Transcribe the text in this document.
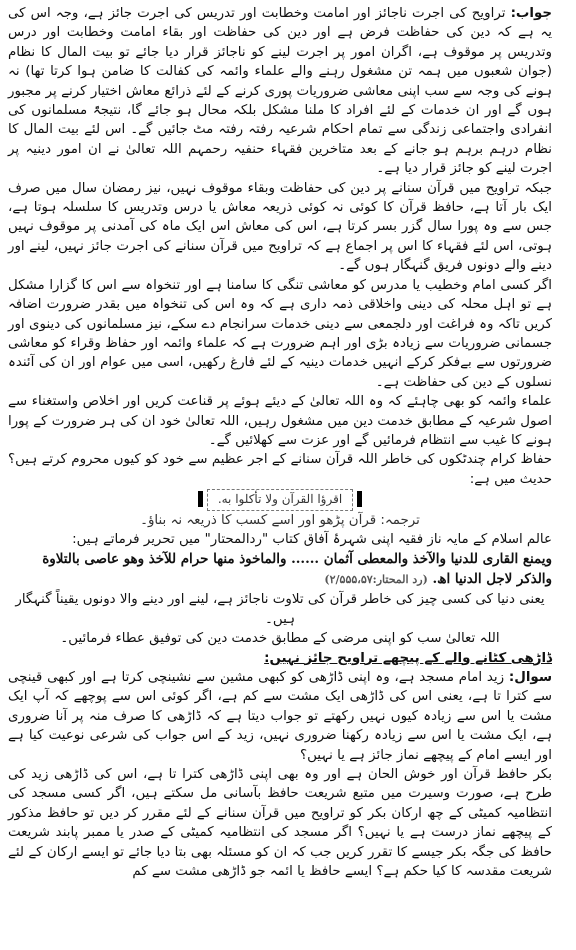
جواب: تراویح کی اجرت ناجائز اور امامت وخطابت اور تدریس کی اجرت جائز ہے، وجہ اس کی یہ ہے کہ دین کی حفاظت فرض ہے اور دین کی حفاظت اور بقاء امامت وخطابت اور درس وتدریس پر موقوف ہے، اگران امور پر اجرت لینے کو ناجائز قرار دیا جائے تو بیت المال کا نظام (جوان شعبوں میں ہمہ تن مشغول رہنے والے علماء وائمہ کی کفالت کا ضامن ہوا کرتا تھا) نہ ہونے کی وجہ سے سب اپنی معاشی ضروریات پوری کرنے کے لئے ذرائع معاش اختیار کرنے پر مجبور ہوں گے اور ان خدمات کے لئے افراد کا ملنا مشکل بلکہ محال ہو جائے گا، نتیجۃً مسلمانوں کی انفرادی واجتماعی زندگی سے تمام احکام شرعیہ رفتہ رفتہ مٹ جائیں گے۔ اس لئے بیت المال کا نظام درہم برہم ہو جانے کے بعد متاخرین فقہاء حنفیہ رحمہم اللہ تعالیٰ نے ان امور دینیہ پر اجرت لینے کو جائز قرار دیا ہے۔

جبکہ تراویح میں قرآن سنانے پر دین کی حفاظت وبقاء موقوف نہیں، نیز رمضان سال میں صرف ایک بار آتا ہے، حافظ قرآن کا کوئی نہ کوئی ذریعہ معاش یا درس وتدریس کا سلسلہ ہوتا ہے، جس سے وہ پورا سال گزر بسر کرتا ہے، اس کی معاش اس ایک ماہ کی آمدنی پر موقوف نہیں ہوتی، اس لئے فقہاء کا اس پر اجماع ہے کہ تراویح میں قرآن سنانے کی اجرت جائز نہیں، لینے اور دینے والے دونوں فریق گنہگار ہوں گے۔

اگر کسی امام وخطیب یا مدرس کو معاشی تنگی کا سامنا ہے اور تنخواہ سے اس کا گزارا مشکل ہے تو اہل محلہ کی دینی واخلاقی ذمہ داری ہے کہ وہ اس کی تنخواہ میں بقدر ضرورت اضافہ کریں تاکہ وہ فراغت اور دلجمعی سے دینی خدمات سرانجام دے سکے، نیز مسلمانوں کی دینوی اور جسمانی ضروریات سے زیادہ بڑی اور اہم ضرورت ہے کہ علماء وائمہ اور حفاظ وقراء کو معاشی ضرورتوں سے بےفکر کرکے انہیں خدمات دینیہ کے لئے فارغ رکھیں، اسی میں عوام اور ان کی آئندہ نسلوں کے دین کی حفاظت ہے۔

علماء وائمہ کو بھی چاہئے کہ وہ اللہ تعالیٰ کے دیئے ہوئے پر قناعت کریں اور اخلاص واستغناء سے اصول شرعیہ کے مطابق خدمت دین میں مشغول رہیں، اللہ تعالیٰ خود ان کی ہر ضرورت کے پورا ہونے کا غیب سے انتظام فرمائیں گے اور عزت سے کھلائیں گے۔

حفاظ کرام چندٹکوں کی خاطر اللہ قرآن سنانے کے اجر عظیم سے خود کو کیوں محروم کرتے ہیں؟ حدیث میں ہے:

اقرؤا القرآن ولا تأكلوا به.

ترجمہ: قرآن پڑھو اور اسے کسب کا ذریعہ نہ بناؤ۔

عالم اسلام کے مایہ ناز فقیہ اپنی شہرۂ آفاق کتاب "ردالمحتار" میں تحریر فرماتے ہیں:

ويمنع القارى للدنيا والآخذ والمعطى آثمان ...... والماخوذ منها حرام للآخذ وهو عاصى بالتلاوة

والذكر لاجل الدنيا اھ. (رد المحتار:۲/۵۵۵،۵۷)

یعنی دنیا کی کسی چیز کی خاطر قرآن کی تلاوت ناجائز ہے، لینے اور دینے والا دونوں یقیناً گنہگار ہیں۔

اللہ تعالیٰ سب کو اپنی مرضی کے مطابق خدمت دین کی توفیق عطاء فرمائیں۔

ڈاڑھی کٹانے والے کے پیچھے تراویح جائز نہیں:

سوال: زید امام مسجد ہے، وہ اپنی ڈاڑھی کو کبھی مشین سے نشینچی کرتا ہے اور کبھی قینچی سے کترا تا ہے، یعنی اس کی ڈاڑھی ایک مشت سے کم ہے، اگر کوئی اس سے پوچھے کہ آپ ایک مشت یا اس سے زیادہ کیوں نہیں رکھتے تو جواب دیتا ہے کہ ڈاڑھی کا صرف منہ پر آنا ضروری ہے، ایک مشت یا اس سے زیادہ رکھنا ضروری نہیں، زید کے اس جواب کی شرعی نوعیت کیا ہے اور ایسے امام کے پیچھے نماز جائز ہے یا نہیں؟

بکر حافظ قرآن اور خوش الحان ہے اور وہ بھی اپنی ڈاڑھی کترا تا ہے، اس کی ڈاڑھی زید کی طرح ہے، صورت وسیرت میں متبع شریعت حافظ بآسانی مل سکتے ہیں، اگر کسی مسجد کی انتظامیہ کمیٹی کے چھ ارکان بکر کو تراویح میں قرآن سنانے کے لئے مقرر کر دیں تو حافظ مذکور کے پیچھے نماز درست ہے یا نہیں؟ اگر مسجد کی انتظامیہ کمیٹی کے صدر یا ممبر پابند شریعت حافظ کی جگہ بکر جیسے کا تقرر کریں جب کہ ان کو مسئلہ بھی بتا دیا جائے تو ایسے ارکان کے لئے شریعت مقدسہ کا کیا حکم ہے؟ ایسے حافظ یا ائمہ جو ڈاڑھی مشت سے کم
